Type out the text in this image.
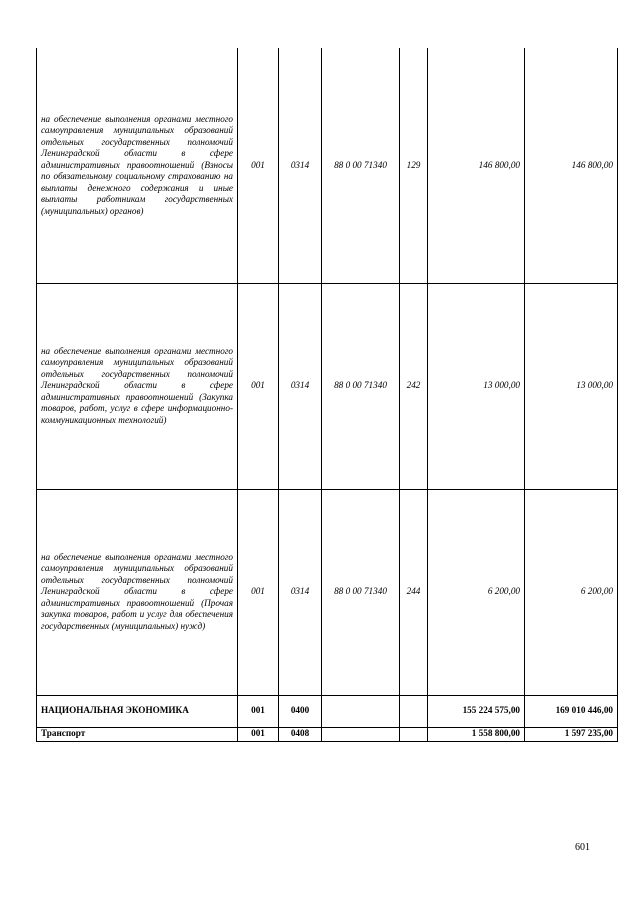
на обеспечение выполнения органами местного самоуправления муниципальных образований отдельных государственных полномочий Ленинградской области в сфере административных правоотношений (Взносы по обязательному социальному страхованию на выплаты денежного содержания и иные выплаты работникам государственных (муниципальных) органов)	001	0314	88 0 00 71340	129	146 800,00	146 800,00
на обеспечение выполнения органами местного самоуправления муниципальных образований отдельных государственных полномочий Ленинградской области в сфере административных правоотношений (Закупка товаров, работ, услуг в сфере информационно-коммуникационных технологий)	001	0314	88 0 00 71340	242	13 000,00	13 000,00
на обеспечение выполнения органами местного самоуправления муниципальных образований отдельных государственных полномочий Ленинградской области в сфере административных правоотношений (Прочая закупка товаров, работ и услуг для обеспечения государственных (муниципальных) нужд)	001	0314	88 0 00 71340	244	6 200,00	6 200,00
НАЦИОНАЛЬНАЯ ЭКОНОМИКА	001	0400			155 224 575,00	169 010 446,00
Транспорт	001	0408			1 558 800,00	1 597 235,00
601
